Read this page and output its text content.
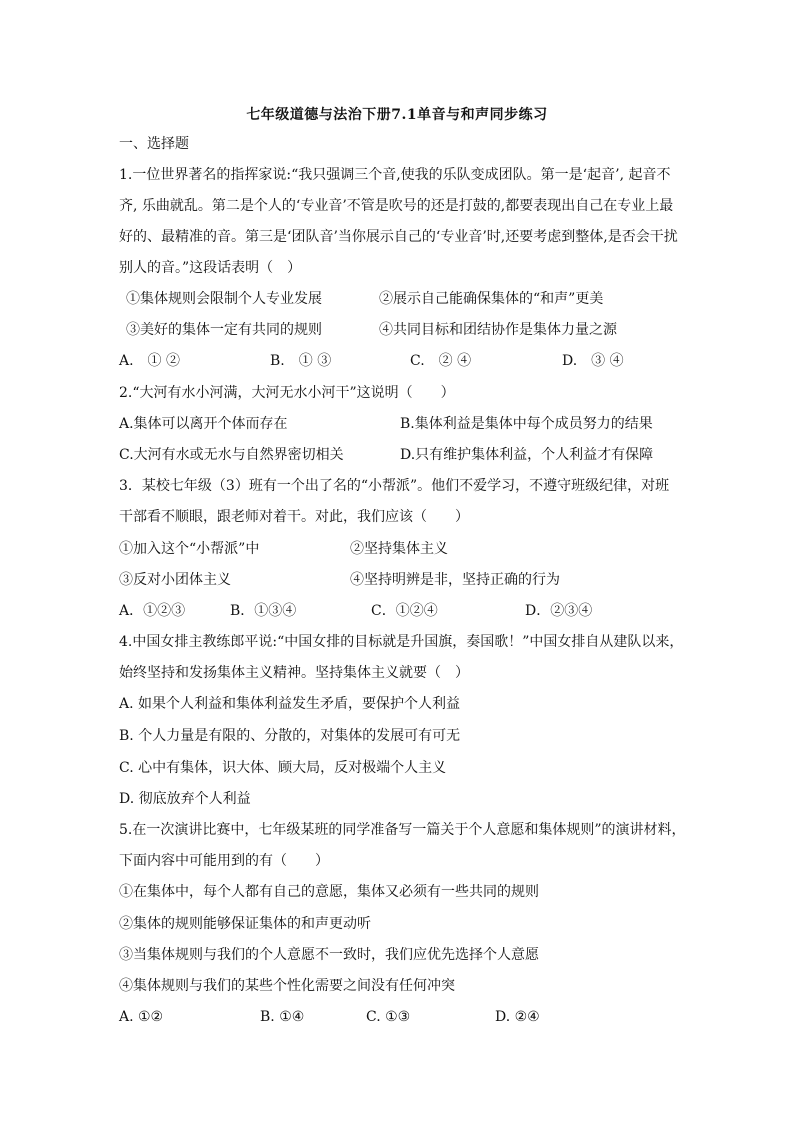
七年级道德与法治下册7.1单音与和声同步练习
一、选择题
1.一位世界著名的指挥家说:“我只强调三个音,使我的乐队变成团队。第一是‘起音’, 起音不
齐, 乐曲就乱。第二是个人的‘专业音’不管是吹号的还是打鼓的,都要表现出自己在专业上最
好的、最精准的音。第三是‘团队音’当你展示自己的‘专业音’时,还要考虑到整体,是否会干扰
别人的音。”这段话表明（　）
①集体规则会限制个人专业发展	②展示自己能确保集体的“和声”更美
③美好的集体一定有共同的规则	④共同目标和团结协作是集体力量之源
A.　① ②	B.　① ③	C.　② ④	D.　③ ④
2.“大河有水小河满，大河无水小河干”这说明（　　）
A.集体可以离开个体而存在	B.集体利益是集体中每个成员努力的结果
C.大河有水或无水与自然界密切相关	D.只有维护集体利益，个人利益才有保障
3．某校七年级（3）班有一个出了名的“小帮派”。他们不爱学习，不遵守班级纪律，对班
干部看不顺眼，跟老师对着干。对此，我们应该（　　）
①加入这个“小帮派”中	②坚持集体主义
③反对小团体主义	④坚持明辨是非，坚持正确的行为
A．①②③	B．①③④	C．①②④	D．②③④
4.中国女排主教练郎平说:“中国女排的目标就是升国旗，奏国歌！”中国女排自从建队以来，
始终坚持和发扬集体主义精神。坚持集体主义就要（　）
A. 如果个人利益和集体利益发生矛盾，要保护个人利益
B. 个人力量是有限的、分散的，对集体的发展可有可无
C. 心中有集体，识大体、顾大局，反对极端个人主义
D. 彻底放弃个人利益
5.在一次演讲比赛中，七年级某班的同学准备写一篇关于个人意愿和集体规则”的演讲材料，
下面内容中可能用到的有（　　）
①在集体中，每个人都有自己的意愿，集体又必须有一些共同的规则
②集体的规则能够保证集体的和声更动听
③当集体规则与我们的个人意愿不一致时，我们应优先选择个人意愿
④集体规则与我们的某些个性化需要之间没有任何冲突
A. ①②	B. ①④	C. ①③	D. ②④
